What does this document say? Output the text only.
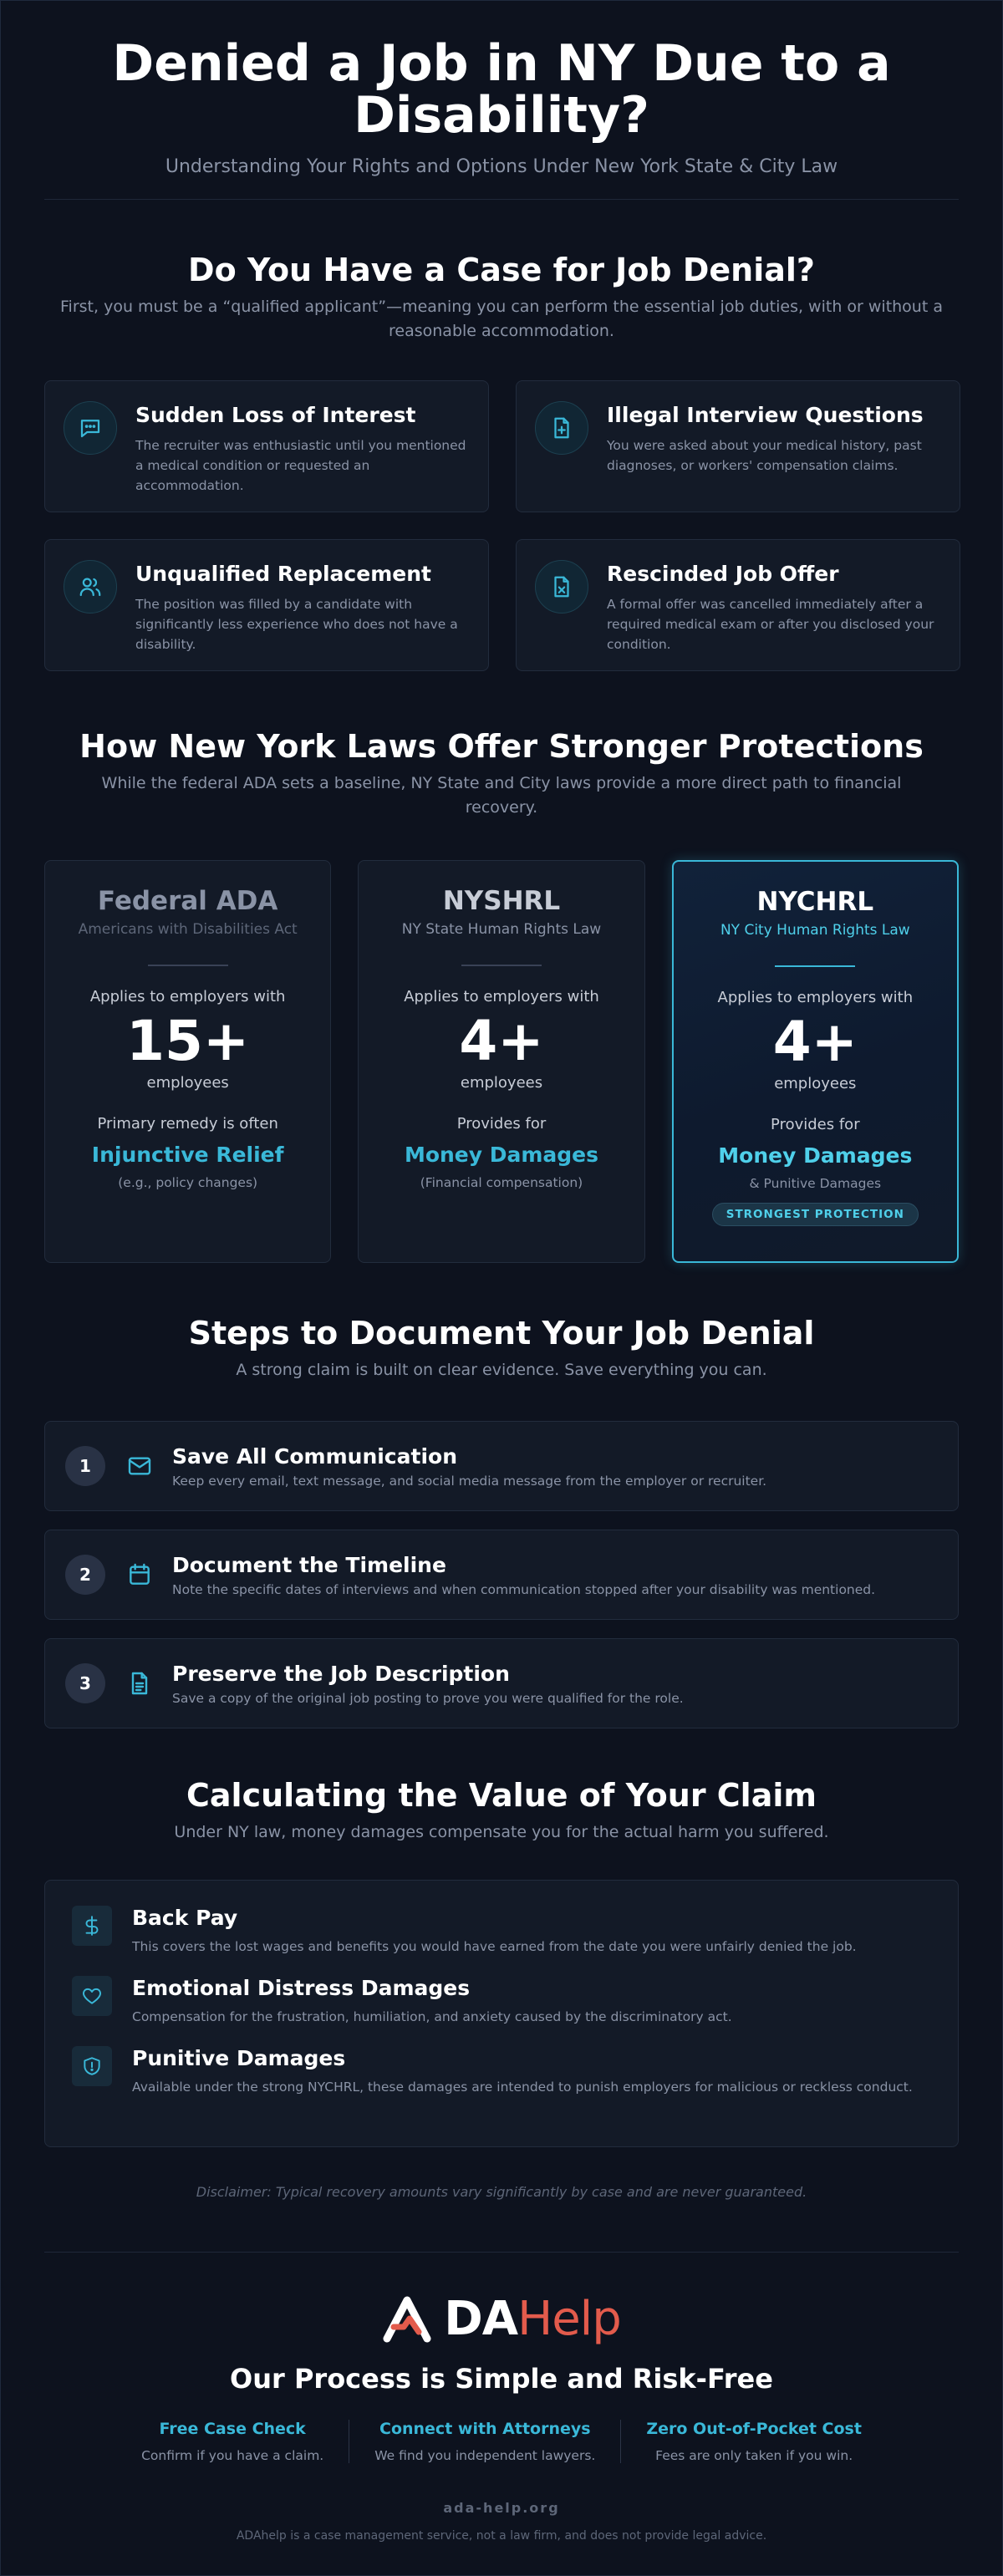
Denied a Job in NY Due to a Disability?
Understanding Your Rights and Options Under New York State & City Law
Do You Have a Case for Job Denial?
First, you must be a “qualified applicant”—meaning you can perform the essential job duties, with or without a reasonable accommodation.
Sudden Loss of Interest

The recruiter was enthusiastic until you mentioned a medical condition or requested an accommodation.

Illegal Interview Questions

You were asked about your medical history, past diagnoses, or workers' compensation claims.

Unqualified Replacement

The position was filled by a candidate with significantly less experience who does not have a disability.

Rescinded Job Offer

A formal offer was cancelled immediately after a required medical exam or after you disclosed your condition.

How New York Laws Offer Stronger Protections
While the federal ADA sets a baseline, NY State and City laws provide a more direct path to financial recovery.
Federal ADA
Americans with Disabilities Act
Applies to employers with
15+
employees
Primary remedy is often
Injunctive Relief
(e.g., policy changes)
NYSHRL
NY State Human Rights Law
Applies to employers with
4+
employees
Provides for
Money Damages
(Financial compensation)
NYCHRL
NY City Human Rights Law
Applies to employers with
4+
employees
Provides for
Money Damages
& Punitive Damages
STRONGEST PROTECTION
Steps to Document Your Job Denial
A strong claim is built on clear evidence. Save everything you can.
1	Save All Communication

Keep every email, text message, and social media message from the employer or recruiter.

2	Document the Timeline

Note the specific dates of interviews and when communication stopped after your disability was mentioned.

3	Preserve the Job Description

Save a copy of the original job posting to prove you were qualified for the role.

Calculating the Value of Your Claim
Under NY law, money damages compensate you for the actual harm you suffered.
Back Pay

This covers the lost wages and benefits you would have earned from the date you were unfairly denied the job.

Emotional Distress Damages

Compensation for the frustration, humiliation, and anxiety caused by the discriminatory act.

Punitive Damages

Available under the strong NYCHRL, these damages are intended to punish employers for malicious or reckless conduct.

Disclaimer: Typical recovery amounts vary significantly by case and are never guaranteed.
DAHelp
Our Process is Simple and Risk-Free
Free Case Check

Confirm if you have a claim.

Connect with Attorneys

We find you independent lawyers.

Zero Out-of-Pocket Cost

Fees are only taken if you win.

ada-help.org
ADAhelp is a case management service, not a law firm, and does not provide legal advice.
